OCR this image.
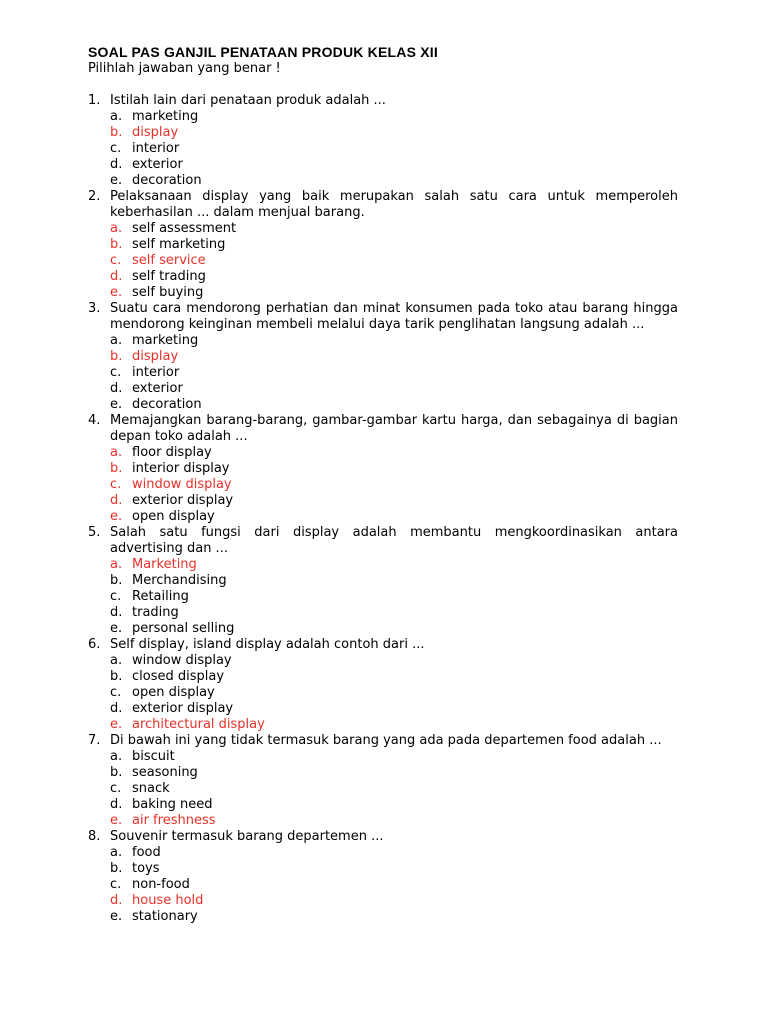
SOAL PAS GANJIL PENATAAN PRODUK KELAS XII

Pilihlah jawaban yang benar !

1. Istilah lain dari penataan produk adalah ...

a. marketing
b. display
c. interior
d. exterior
e. decoration
2. Pelaksanaan display yang baik merupakan salah satu cara untuk memperoleh keberhasilan ... dalam menjual barang.

a. self assessment
b. self marketing
c. self service
d. self trading
e. self buying
3. Suatu cara mendorong perhatian dan minat konsumen pada toko atau barang hingga mendorong keinginan membeli melalui daya tarik penglihatan langsung adalah ...

a. marketing
b. display
c. interior
d. exterior
e. decoration
4. Memajangkan barang-barang, gambar-gambar kartu harga, dan sebagainya di bagian depan toko adalah ...

a. floor display
b. interior display
c. window display
d. exterior display
e. open display
5. Salah satu fungsi dari display adalah membantu mengkoordinasikan antara advertising dan ...

a. Marketing
b. Merchandising
c. Retailing
d. trading
e. personal selling
6. Self display, island display adalah contoh dari ...

a. window display
b. closed display
c. open display
d. exterior display
e. architectural display
7. Di bawah ini yang tidak termasuk barang yang ada pada departemen food adalah ...

a. biscuit
b. seasoning
c. snack
d. baking need
e. air freshness
8. Souvenir termasuk barang departemen ...

a. food
b. toys
c. non-food
d. house hold
e. stationary
